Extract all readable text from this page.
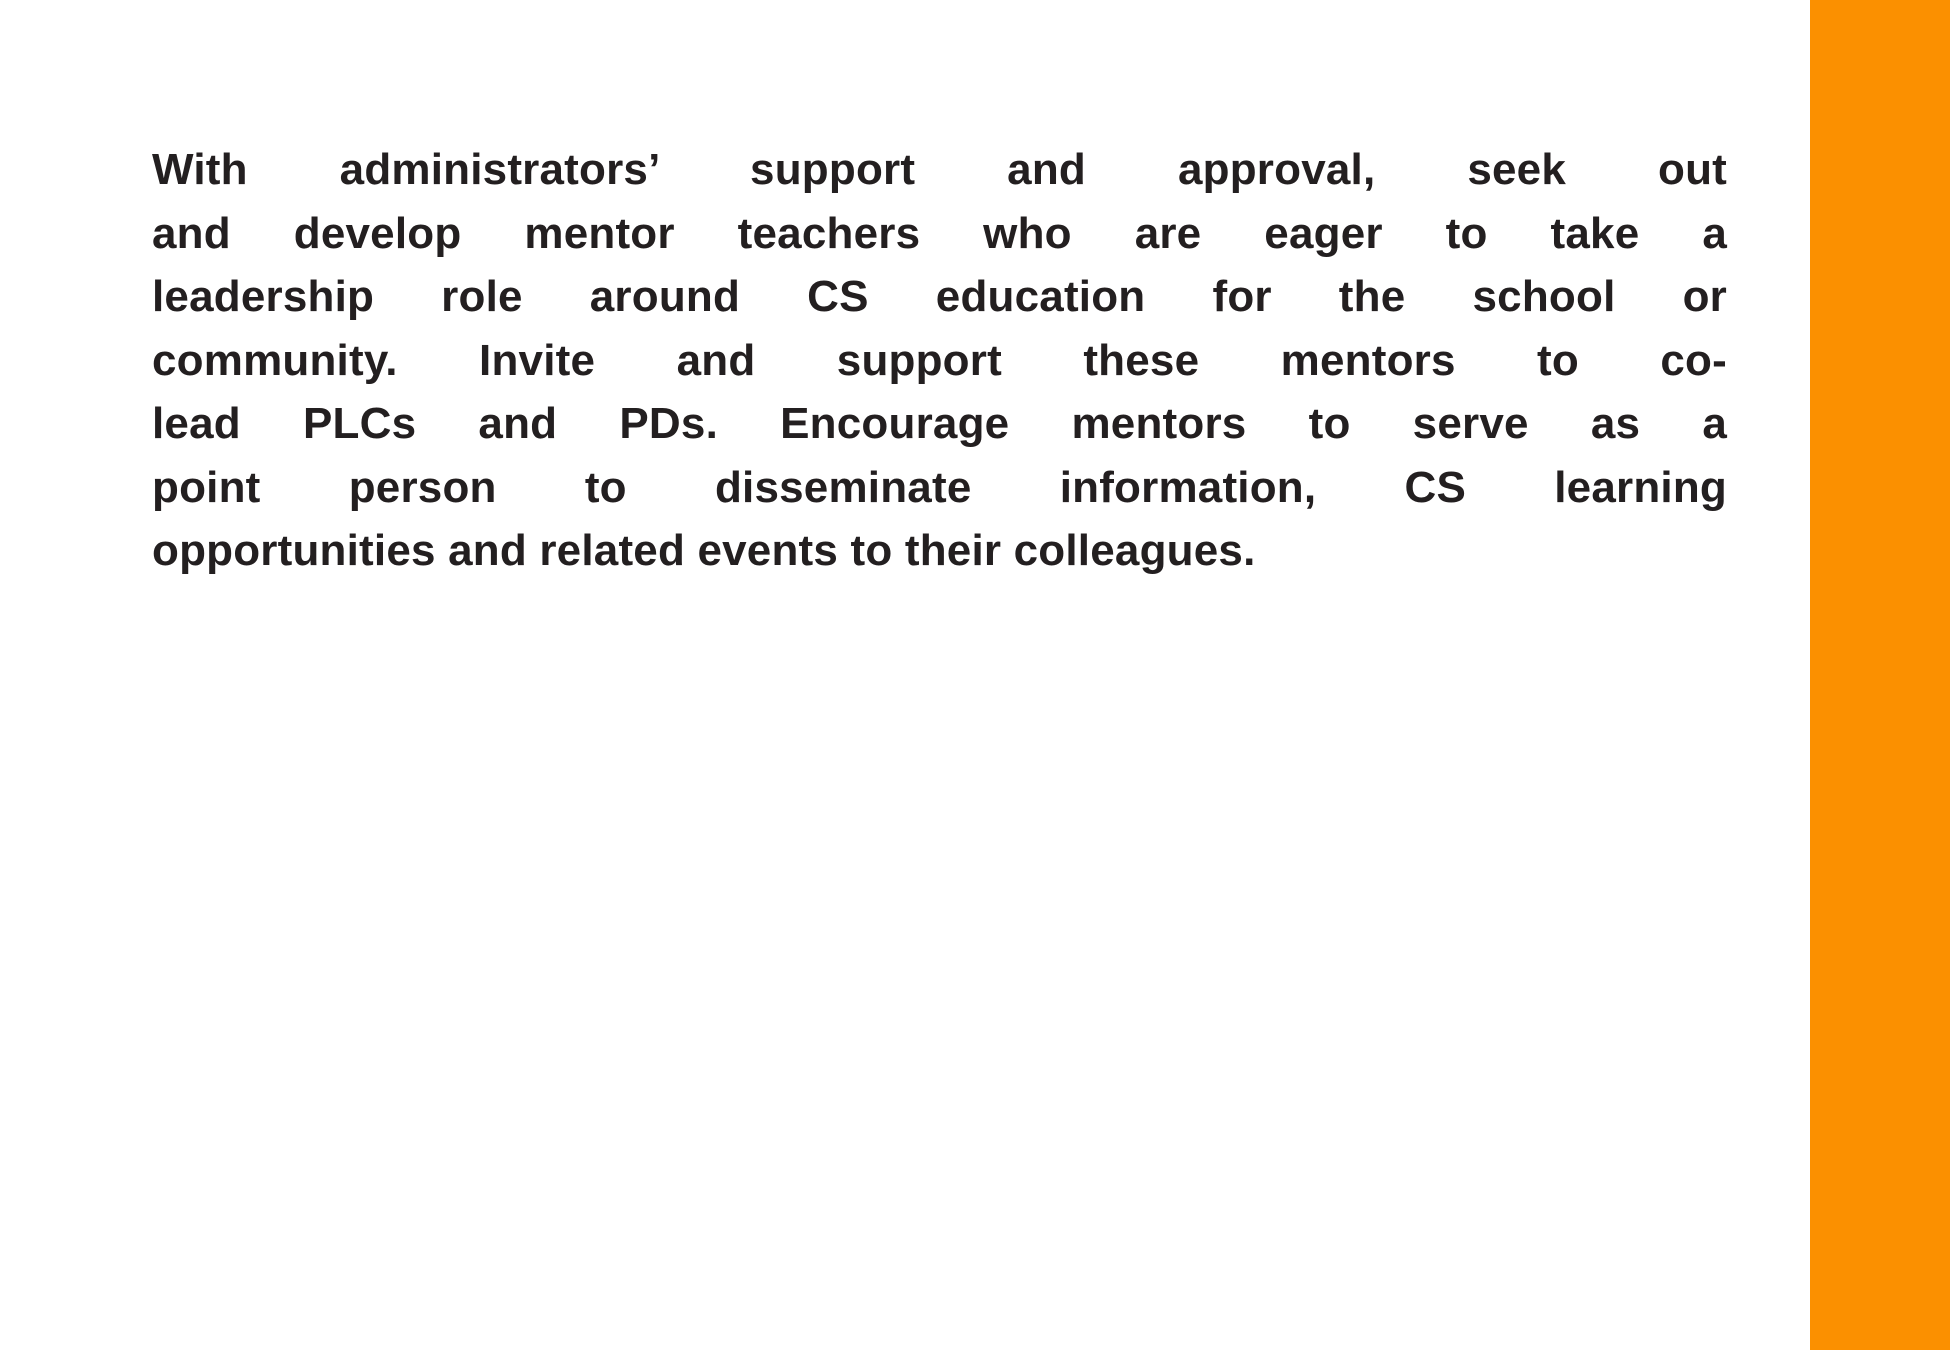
With administrators’ support and approval, seek out
and develop mentor teachers who are eager to take a
leadership role around CS education for the school or
community. Invite and support these mentors to co-
lead PLCs and PDs. Encourage mentors to serve as a
point person to disseminate information, CS learning
opportunities and related events to their colleagues.
